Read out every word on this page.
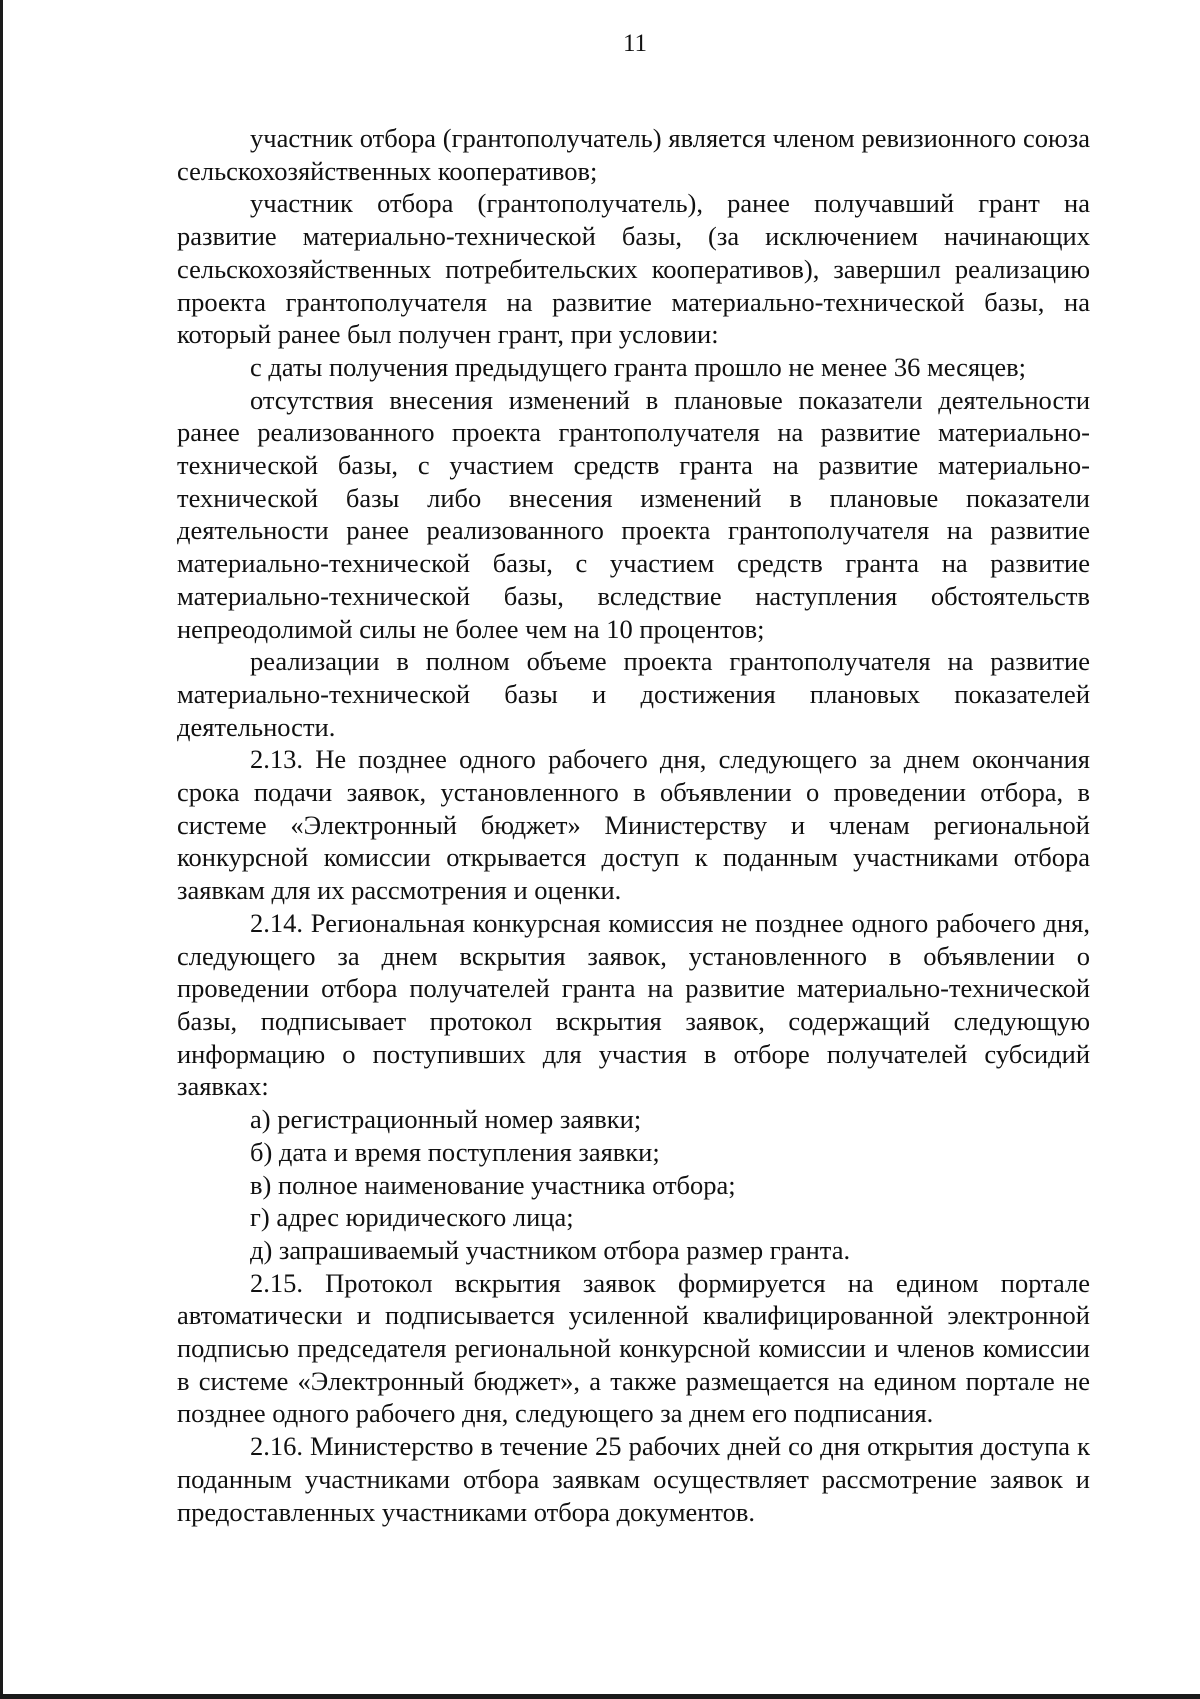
11

участник отбора (грантополучатель) является членом ревизионного союза сельскохозяйственных кооперативов;

участник отбора (грантополучатель), ранее получавший грант на развитие материально-технической базы, (за исключением начинающих сельскохозяйственных потребительских кооперативов), завершил реализацию проекта грантополучателя на развитие материально-технической базы, на который ранее был получен грант, при условии:

с даты получения предыдущего гранта прошло не менее 36 месяцев;

отсутствия внесения изменений в плановые показатели деятельности ранее реализованного проекта грантополучателя на развитие материально-технической базы, с участием средств гранта на развитие материально-технической базы либо внесения изменений в плановые показатели деятельности ранее реализованного проекта грантополучателя на развитие материально-технической базы, с участием средств гранта на развитие материально-технической базы, вследствие наступления обстоятельств непреодолимой силы не более чем на 10 процентов;

реализации в полном объеме проекта грантополучателя на развитие материально-технической базы и достижения плановых показателей деятельности.

2.13. Не позднее одного рабочего дня, следующего за днем окончания срока подачи заявок, установленного в объявлении о проведении отбора, в системе «Электронный бюджет» Министерству и членам региональной конкурсной комиссии открывается доступ к поданным участниками отбора заявкам для их рассмотрения и оценки.

2.14. Региональная конкурсная комиссия не позднее одного рабочего дня, следующего за днем вскрытия заявок, установленного в объявлении о проведении отбора получателей гранта на развитие материально-технической базы, подписывает протокол вскрытия заявок, содержащий следующую информацию о поступивших для участия в отборе получателей субсидий заявках:

а) регистрационный номер заявки;

б) дата и время поступления заявки;

в) полное наименование участника отбора;

г) адрес юридического лица;

д) запрашиваемый участником отбора размер гранта.

2.15. Протокол вскрытия заявок формируется на едином портале автоматически и подписывается усиленной квалифицированной электронной подписью председателя региональной конкурсной комиссии и членов комиссии в системе «Электронный бюджет», а также размещается на едином портале не позднее одного рабочего дня, следующего за днем его подписания.

2.16. Министерство в течение 25 рабочих дней со дня открытия доступа к поданным участниками отбора заявкам осуществляет рассмотрение заявок и предоставленных участниками отбора документов.
